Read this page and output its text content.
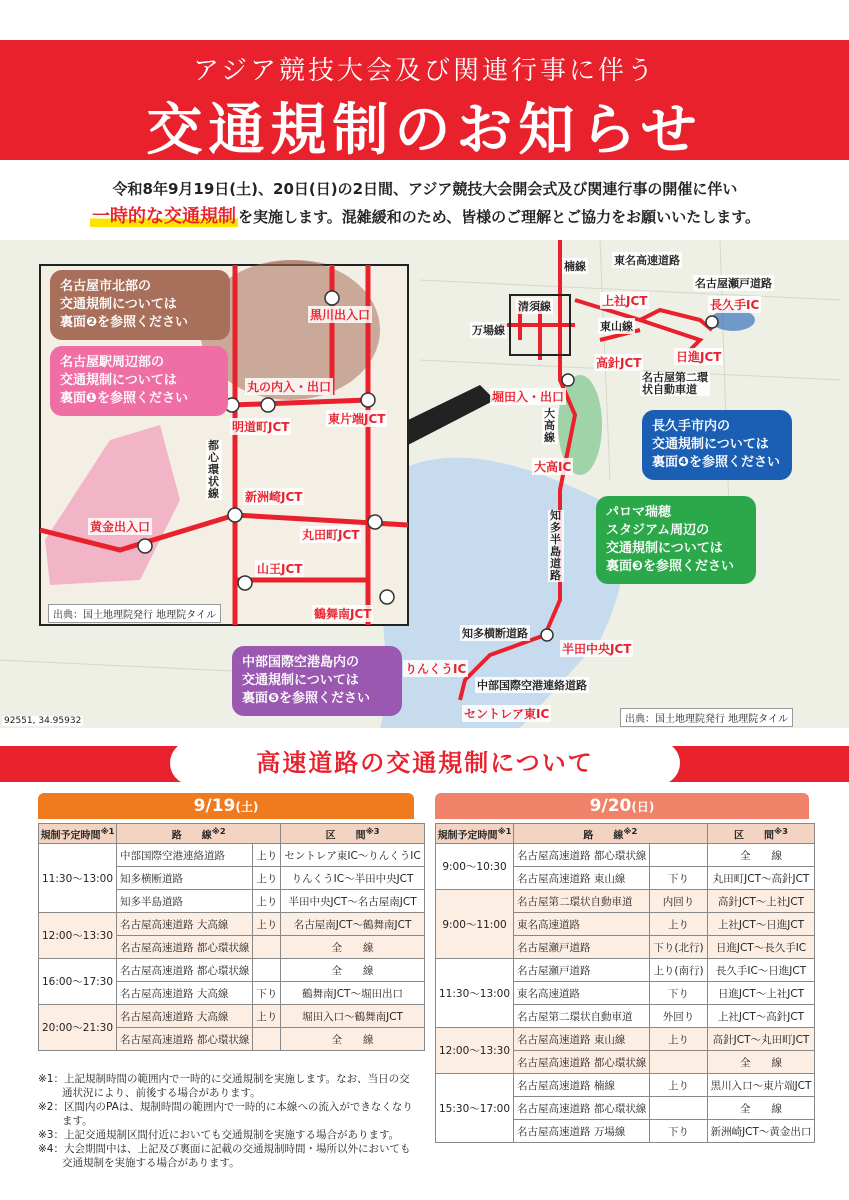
アジア競技大会及び関連行事に伴う
交通規制のお知らせ
令和8年9月19日(土)、20日(日)の2日間、アジア競技大会開会式及び関連行事の開催に伴い
一時的な交通規制 を実施します。混雑緩和のため、皆様のご理解とご協力をお願いいたします。
名古屋市北部の
交通規制については
裏面❷を参照ください
名古屋駅周辺部の
交通規制については
裏面❶を参照ください
長久手市内の
交通規制については
裏面❹を参照ください
パロマ瑞穂
スタジアム周辺の
交通規制については
裏面❸を参照ください
中部国際空港島内の
交通規制については
裏面❺を参照ください
黒川出入口
丸の内入・出口
明道町JCT
東片端JCT
都心環状線 新洲崎JCT
黄金出入口
丸田町JCT
山王JCT
鶴舞南JCT
出典：国土地理院発行 地理院タイル
楠線
清須線
万場線
東名高速道路
名古屋瀬戸道路
上社JCT	長久手IC
東山線
高針JCT	日進JCT
名古屋第二環状自動車道
堀田入・出口
大高線
大高IC
知多半島道路
知多横断道路
半田中央JCT
りんくうIC
中部国際空港連絡道路
セントレア東IC	出典：国土地理院発行 地理院タイル
92551, 34.95932
高速道路の交通規制について
9/19(土)
規制予定時間$^{※1}$	路　　線$^{※2}$		区　　間$^{※3}$
11:30～13:00	中部国際空港連絡道路	上り	セントレア東IC～りんくうIC
	知多横断道路	上り	りんくうIC～半田中央JCT
	知多半島道路	上り	半田中央JCT～名古屋南JCT
12:00～13:30	名古屋高速道路 大高線	上り	名古屋南JCT～鶴舞南JCT
	名古屋高速道路 都心環状線		全　　線
16:00～17:30	名古屋高速道路 都心環状線		全　　線
	名古屋高速道路 大高線	下り	鶴舞南JCT～堀田出口
20:00～21:30	名古屋高速道路 大高線	上り	堀田入口～鶴舞南JCT
	名古屋高速道路 都心環状線		全　　線
9/20(日)
規制予定時間$^{※1}$	路　　線$^{※2}$		区　　間$^{※3}$
9:00～10:30	名古屋高速道路 都心環状線		全　　線
	名古屋高速道路 東山線	下り	丸田町JCT～高針JCT
9:00～11:00	名古屋第二環状自動車道	内回り	高針JCT～上社JCT
	東名高速道路	上り	上社JCT～日進JCT
	名古屋瀬戸道路	下り(北行)	日進JCT～長久手IC
11:30～13:00	名古屋瀬戸道路	上り(南行)	長久手IC～日進JCT
	東名高速道路	下り	日進JCT～上社JCT
	名古屋第二環状自動車道	外回り	上社JCT～高針JCT
12:00～13:30	名古屋高速道路 東山線	上り	高針JCT～丸田町JCT
	名古屋高速道路 都心環状線		全　　線
15:30～17:00	名古屋高速道路 楠線	上り	黒川入口～東片端JCT
	名古屋高速道路 都心環状線		全　　線
	名古屋高速道路 万場線	下り	新洲崎JCT～黄金出口
※1：上記規制時間の範囲内で一時的に交通規制を実施します。なお、当日の交通状況により、前後する場合があります。
※2：区間内のPAは、規制時間の範囲内で一時的に本線への流入ができなくなります。
※3：上記交通規制区間付近においても交通規制を実施する場合があります。
※4：大会期間中は、上記及び裏面に記載の交通規制時間・場所以外においても交通規制を実施する場合があります。
